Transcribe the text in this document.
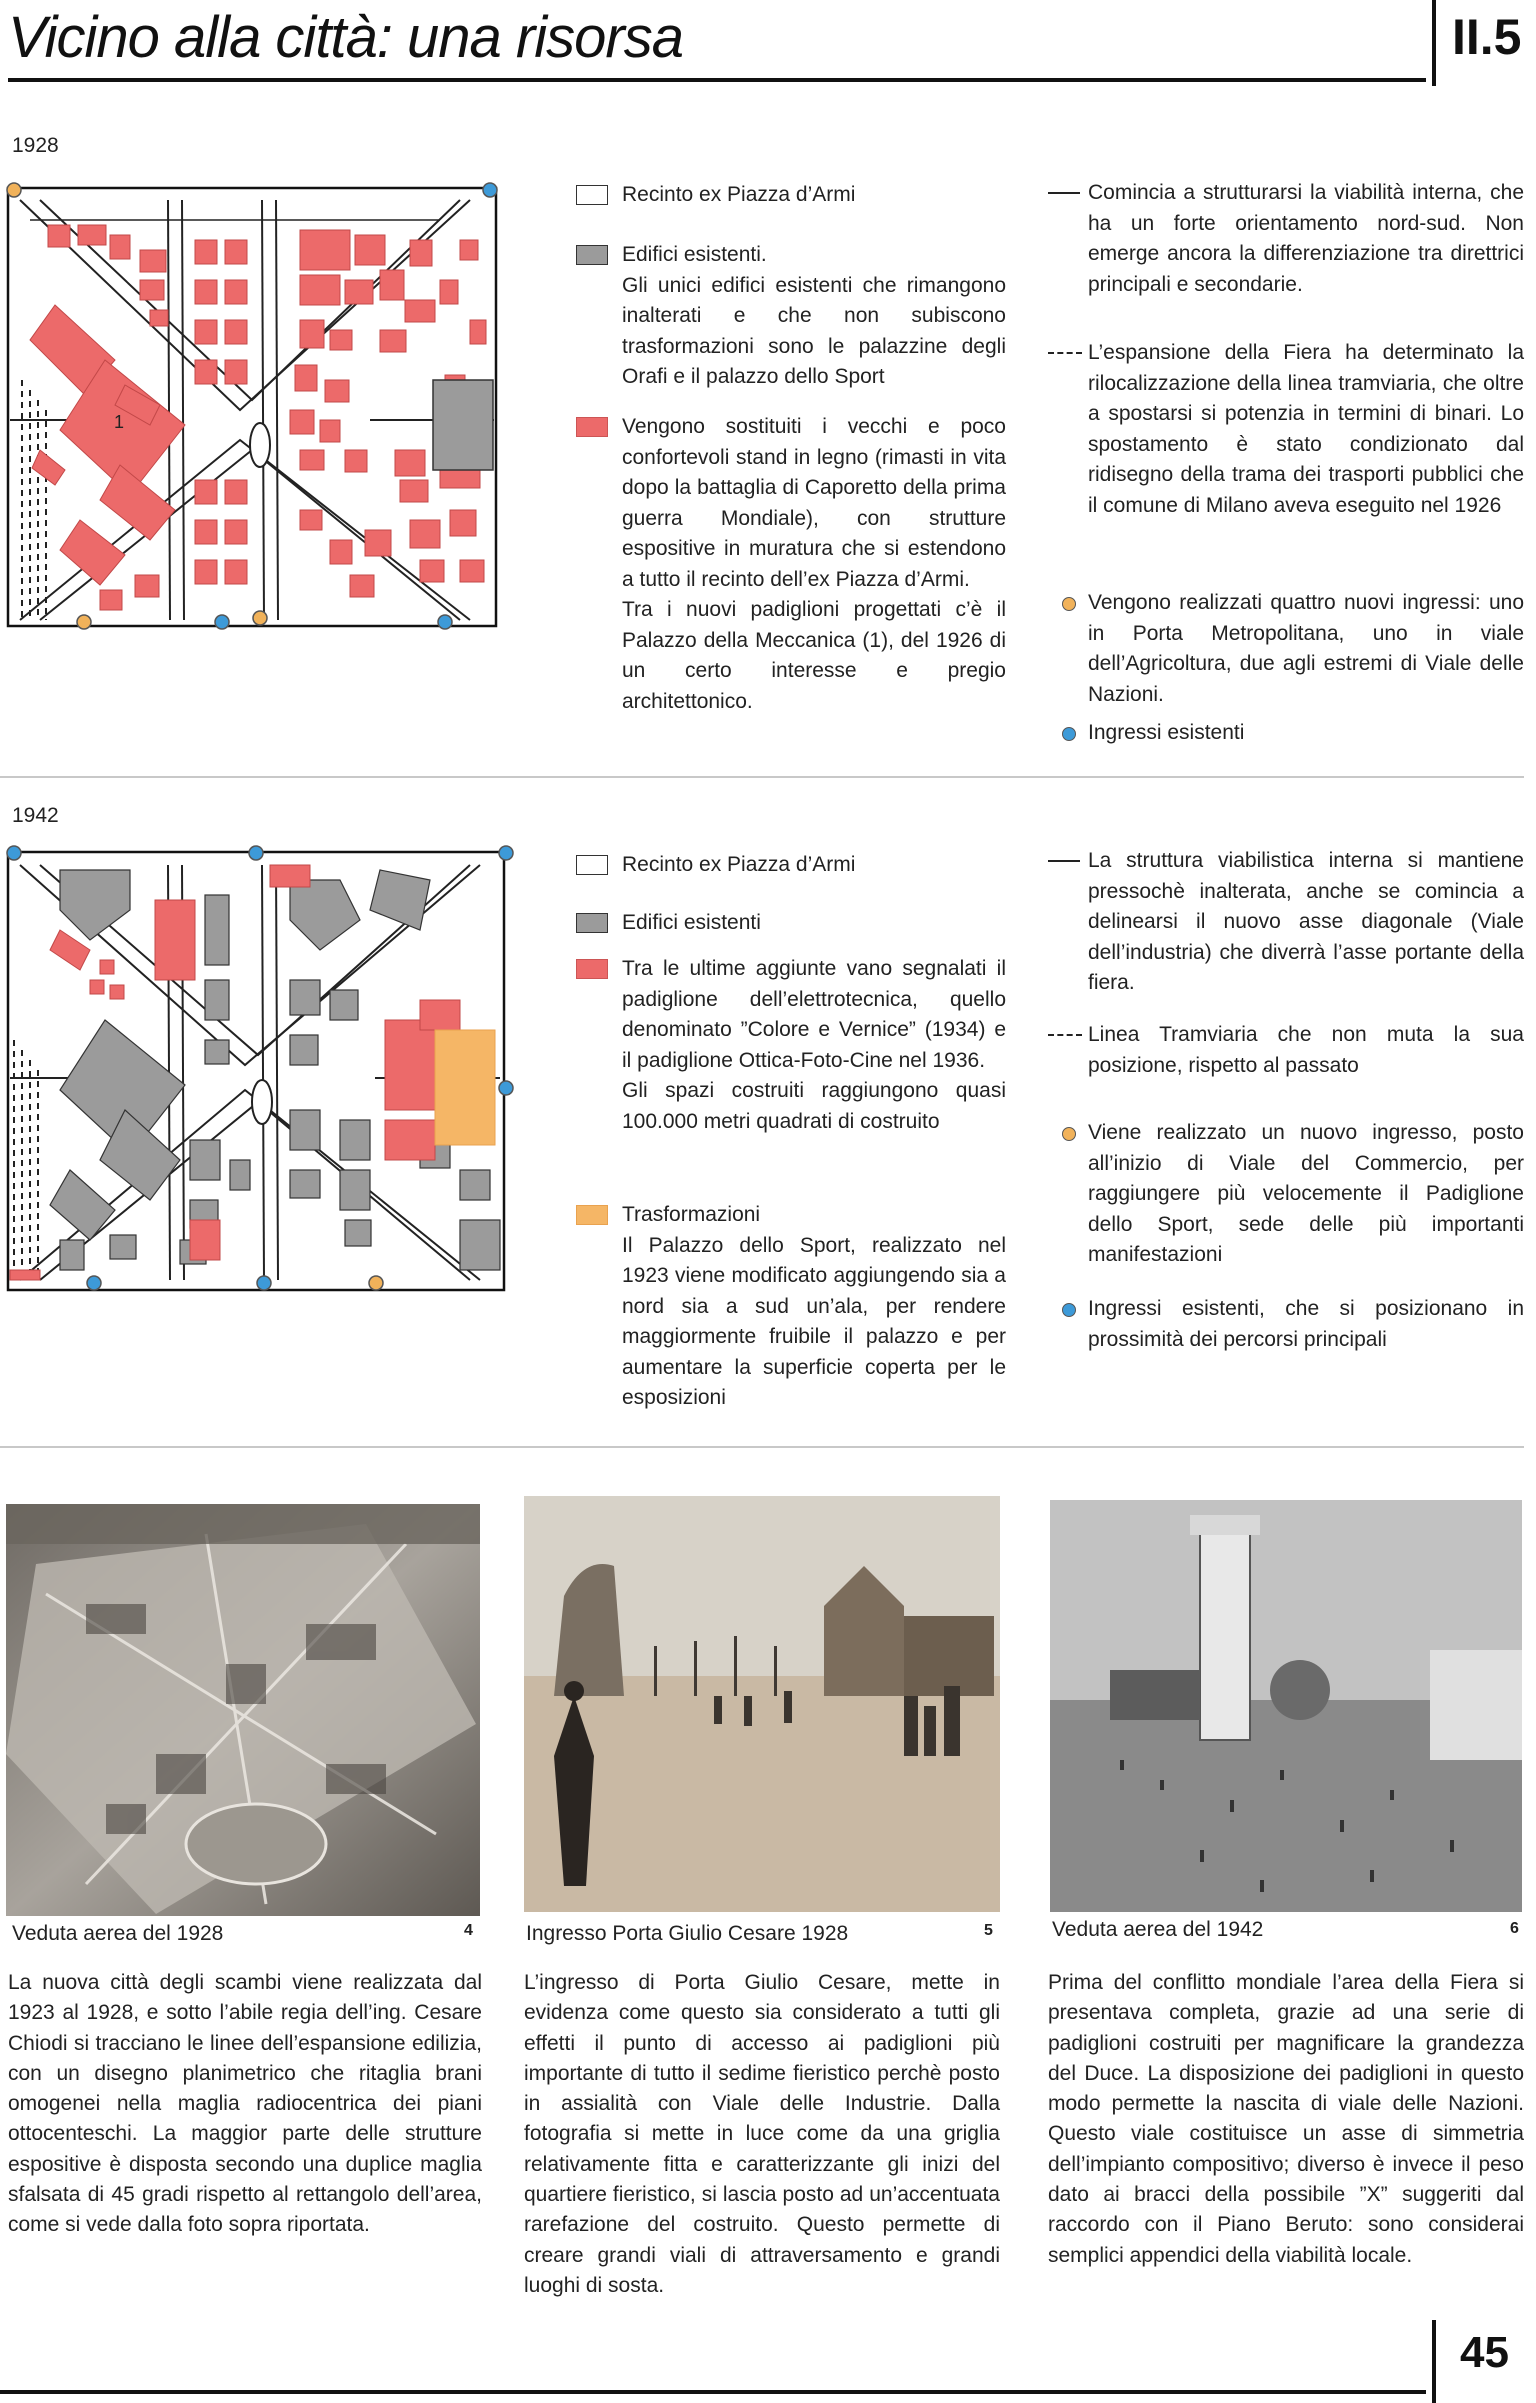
Vicino alla città: una risorsa	II.5
1928
1
Recinto ex Piazza d’Armi
Edifici esistenti.
Gli unici edifici esistenti che rimangono inalterati e che non subiscono trasformazioni sono le palazzine degli Orafi e il palazzo dello Sport
Vengono sostituiti i vecchi e poco confortevoli stand in legno (rimasti in vita dopo la battaglia di Caporetto della prima guerra Mondiale), con strutture espositive in muratura che si estendono a tutto il recinto dell’ex Piazza d’Armi.
Tra i nuovi padiglioni progettati c’è il Palazzo della Meccanica (1), del 1926 di un certo interesse e pregio architettonico.
Comincia a strutturarsi la viabilità interna, che ha un forte orientamento nord-sud. Non emerge ancora la differenziazione tra direttrici principali e secondarie.
L’espansione della Fiera ha determinato la rilocalizzazione della linea tramviaria, che oltre a spostarsi si potenzia in termini di binari. Lo spostamento è stato condizionato dal ridisegno della trama dei trasporti pubblici che il comune di Milano aveva eseguito nel 1926
Vengono realizzati quattro nuovi ingressi: uno in Porta Metropolitana, uno in viale dell’Agricoltura, due agli estremi di Viale delle Nazioni.
Ingressi esistenti
1942
Recinto ex Piazza d’Armi
Edifici esistenti
Tra le ultime aggiunte vano segnalati il padiglione dell’elettrotecnica, quello denominato ”Colore e Vernice” (1934) e il padiglione Ottica-Foto-Cine nel 1936.
Gli spazi costruiti raggiungono quasi 100.000 metri quadrati di costruito
Trasformazioni
Il Palazzo dello Sport, realizzato nel 1923 viene modificato aggiungendo sia a nord sia a sud un’ala, per rendere maggiormente fruibile il palazzo e per aumentare la superficie coperta per le esposizioni
La struttura viabilistica interna si mantiene pressochè inalterata, anche se comincia a delinearsi il nuovo asse diagonale (Viale dell’industria) che diverrà l’asse portante della fiera.
Linea Tramviaria che non muta la sua posizione, rispetto al passato
Viene realizzato un nuovo ingresso, posto all’inizio di Viale del Commercio, per raggiungere più velocemente il Padiglione dello Sport, sede delle più importanti manifestazioni
Ingressi esistenti, che si posizionano in prossimità dei percorsi principali
Veduta aerea del 1928	4	Ingresso Porta Giulio Cesare 1928	5	Veduta aerea del 1942	6
La nuova città degli scambi viene realizzata dal 1923 al 1928, e sotto l’abile regia dell’ing. Cesare Chiodi si tracciano le linee dell’espansione edilizia, con un disegno planimetrico che ritaglia brani omogenei nella maglia radiocentrica dei piani ottocenteschi. La maggior parte delle strutture espositive è disposta secondo una duplice maglia sfalsata di 45 gradi rispetto al rettangolo dell’area, come si vede dalla foto sopra riportata.
L’ingresso di Porta Giulio Cesare, mette in evidenza come questo sia considerato a tutti gli effetti il punto di accesso ai padiglioni più importante di tutto il sedime fieristico perchè posto in assialità con Viale delle Industrie. Dalla fotografia si mette in luce come da una griglia relativamente fitta e caratterizzante gli inizi del quartiere fieristico, si lascia posto ad un’accentuata rarefazione del costruito. Questo permette di creare grandi viali di attraversamento e grandi luoghi di sosta.
Prima del conflitto mondiale l’area della Fiera si presentava completa, grazie ad una serie di padiglioni costruiti per magnificare la grandezza del Duce. La disposizione dei padiglioni in questo modo permette la nascita di viale delle Nazioni. Questo viale costituisce un asse di simmetria dell’impianto compositivo; diverso è invece il peso dato ai bracci della possibile ”X” suggeriti dal raccordo con il Piano Beruto: sono considerai semplici appendici della viabilità locale.
45
